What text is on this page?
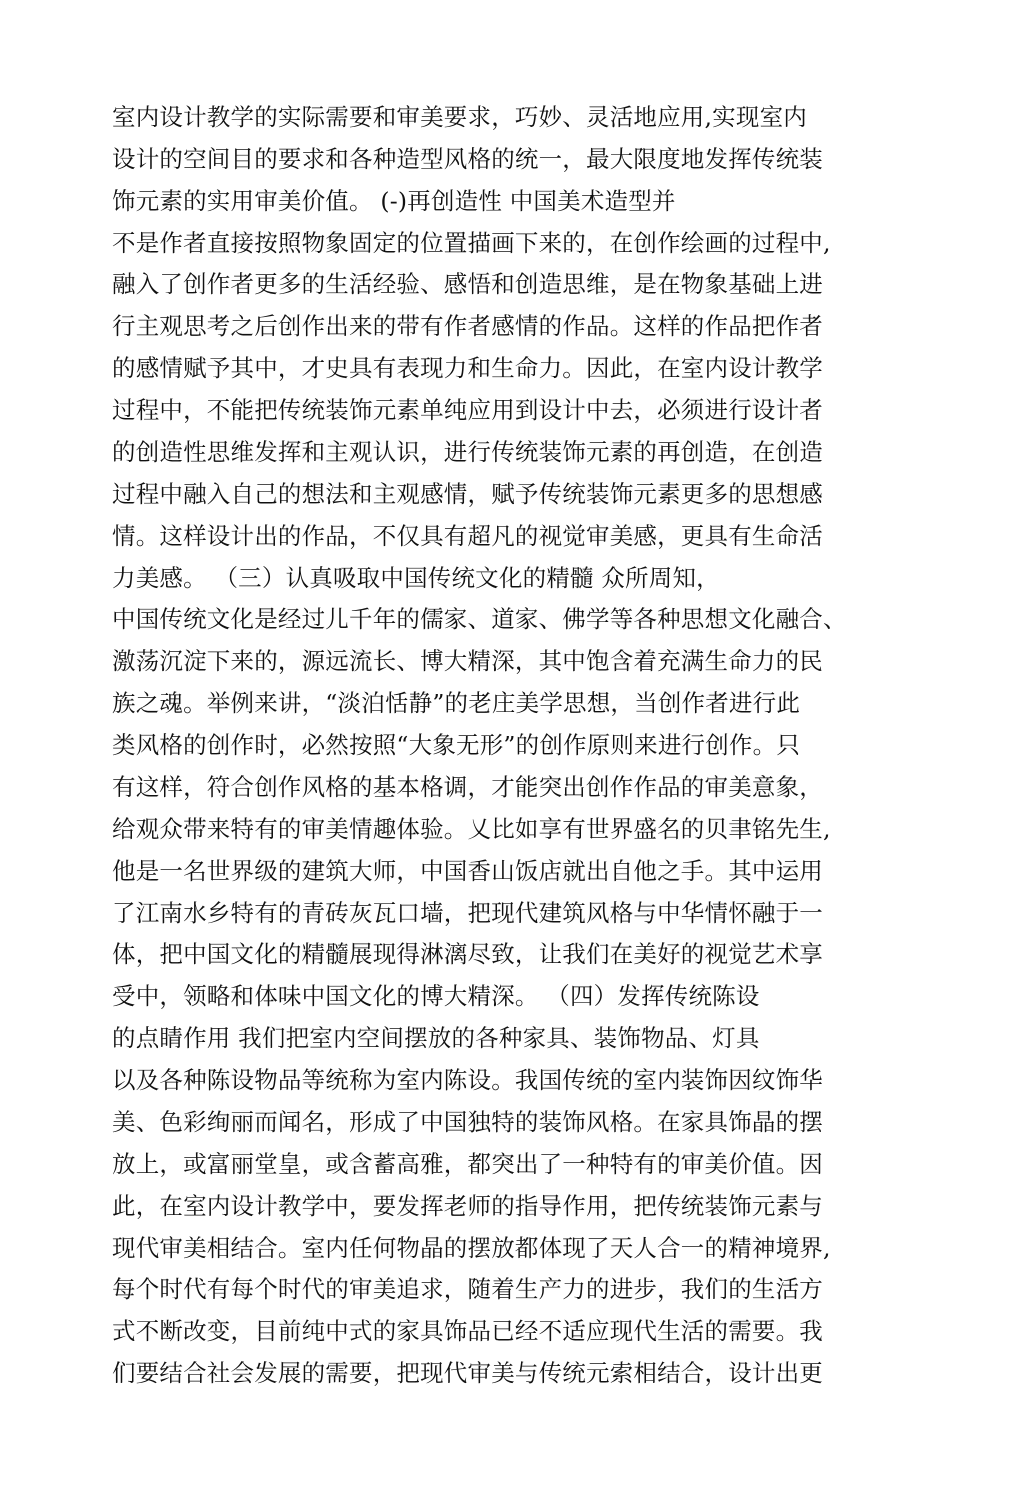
室内设计教学的实际需要和审美要求，巧妙、灵活地应用,实现室内
设计的空间目的要求和各种造型风格的统一，最大限度地发挥传统装
饰元素的实用审美价值。 (-)再创造性 中国美术造型并
不是作者直接按照物象固定的位置描画下来的，在创作绘画的过程中,
融入了创作者更多的生活经验、感悟和创造思维，是在物象基础上进
行主观思考之后创作出来的带有作者感情的作品。这样的作品把作者
的感情赋予其中，才史具有表现力和生命力。因此，在室内设计教学
过程中，不能把传统装饰元素单纯应用到设计中去，必须进行设计者
的创造性思维发挥和主观认识，进行传统装饰元素的再创造，在创造
过程中融入自己的想法和主观感情，赋予传统装饰元素更多的思想感
情。这样设计出的作品，不仅具有超凡的视觉审美感，更具有生命活
力美感。 （三）认真吸取中国传统文化的精髓 众所周知，
中国传统文化是经过儿千年的儒家、道家、佛学等各种思想文化融合、
激荡沉淀下来的，源远流长、博大精深，其中饱含着充满生命力的民
族之魂。举例来讲，“淡泊恬静”的老庄美学思想，当创作者进行此
类风格的创作时，必然按照“大象无形”的创作原则来进行创作。只
有这样，符合创作风格的基本格调，才能突出创作作品的审美意象，
给观众带来特有的审美情趣体验。乂比如享有世界盛名的贝聿铭先生,
他是一名世界级的建筑大师，中国香山饭店就出自他之手。其中运用
了江南水乡特有的青砖灰瓦口墙，把现代建筑风格与中华情怀融于一
体，把中国文化的精髓展现得淋漓尽致，让我们在美好的视觉艺术享
受中，领略和体味中国文化的博大精深。 （四）发挥传统陈设
的点睛作用 我们把室内空间摆放的各种家具、装饰物品、灯具
以及各种陈设物品等统称为室内陈设。我国传统的室内装饰因纹饰华
美、色彩绚丽而闻名，形成了中国独特的装饰风格。在家具饰晶的摆
放上，或富丽堂皇，或含蓄高雅，都突出了一种特有的审美价值。因
此，在室内设计教学中，要发挥老师的指导作用，把传统装饰元素与
现代审美相结合。室内任何物晶的摆放都体现了天人合一的精神境界,
每个时代有每个时代的审美追求，随着生产力的进步，我们的生活方
式不断改变，目前纯中式的家具饰品已经不适应现代生活的需要。我
们要结合社会发展的需要，把现代审美与传统元索相结合，设计出更
